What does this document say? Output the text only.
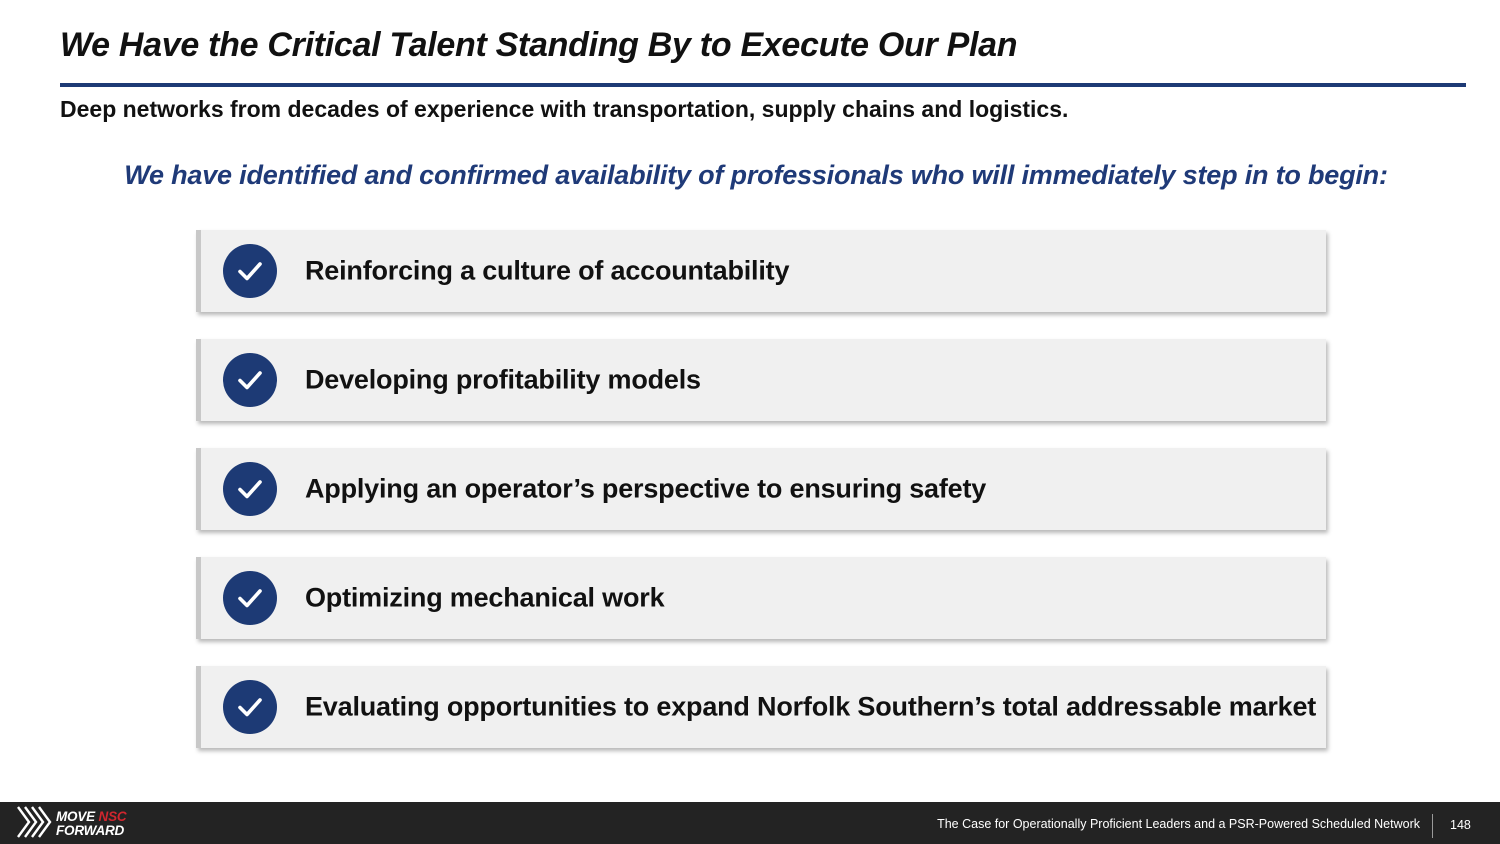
We Have the Critical Talent Standing By to Execute Our Plan
Deep networks from decades of experience with transportation, supply chains and logistics.
We have identified and confirmed availability of professionals who will immediately step in to begin:
Reinforcing a culture of accountability
Developing profitability models
Applying an operator’s perspective to ensuring safety
Optimizing mechanical work
Evaluating opportunities to expand Norfolk Southern’s total addressable market
MOVE NSC
FORWARD	The Case for Operationally Proficient Leaders and a PSR-Powered Scheduled Network 148
